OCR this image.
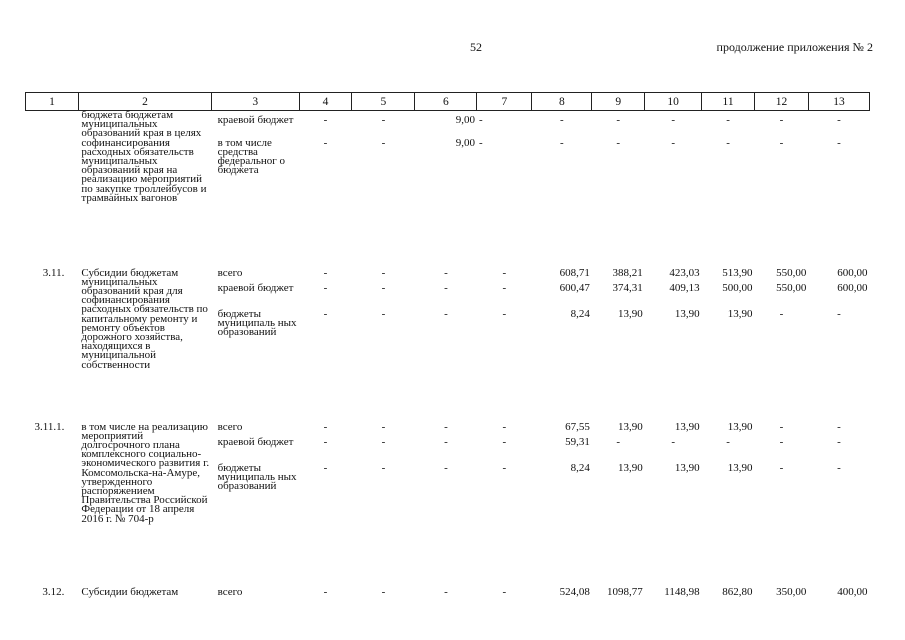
52	продолжение приложения № 2
1	2	3	4	5	6	7	8	9	10	11	12	13
	бюджета бюджетам муниципальных образований края в целях софинансирования расходных обязательств муниципальных образований края на реализацию мероприятий по закупке троллейбусов и трамвайных вагонов	краевой бюджет	-	-	9,00	-	-	-	-	-	-	-
		в том числе средства федеральног о бюджета	-	-	9,00	-	-	-	-	-	-	-
3.11.	Субсидии бюджетам муниципальных образований края для софинансирования расходных обязательств по капитальному ремонту и ремонту объектов дорожного хозяйства, находящихся в муниципальной собственности	всего	-	-	-	-	608,71	388,21	423,03	513,90	550,00	600,00
		краевой бюджет	-	-	-	-	600,47	374,31	409,13	500,00	550,00	600,00
		бюджеты муниципаль ных образований	-	-	-	-	8,24	13,90	13,90	13,90	-	-
3.11.1.	в том числе на реализацию мероприятий долгосрочного плана комплексного социально-экономического развития г. Комсомольска-на-Амуре, утвержденного распоряжением Правительства Российской Федерации от 18 апреля 2016 г. № 704-р	всего	-	-	-	-	67,55	13,90	13,90	13,90	-	-
		краевой бюджет	-	-	-	-	59,31	-	-	-	-	-
		бюджеты муниципаль ных образований	-	-	-	-	8,24	13,90	13,90	13,90	-	-
3.12.	Субсидии бюджетам	всего	-	-	-	-	524,08	1098,77	1148,98	862,80	350,00	400,00
